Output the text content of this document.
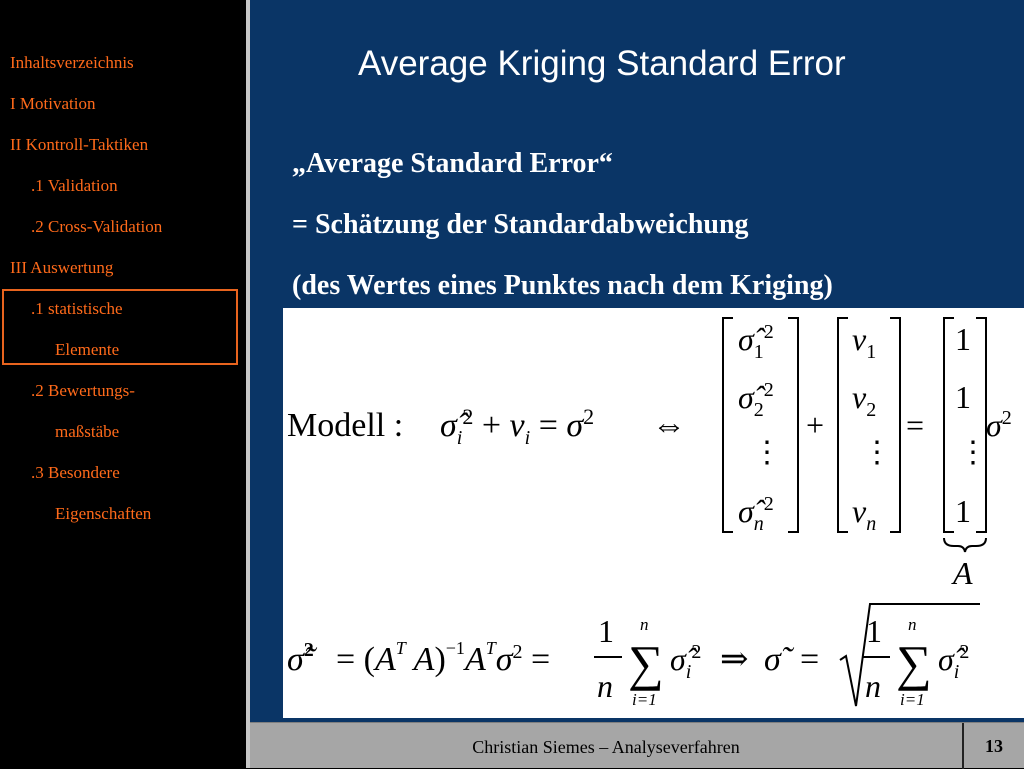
Inhaltsverzeichnis
I Motivation
II Kontroll-Taktiken
.1 Validation
.2 Cross-Validation
III Auswertung
.1 statistische
Elemente
.2 Bewertungs-
maßstäbe
.3 Besondere
Eigenschaften
Average Kriging Standard Error
„Average Standard Error“
= Schätzung der Standardabweichung
(des Wertes eines Punktes nach dem Kriging)
Modell : $\sigmâ_i^2 + v_i = \sigma^2$ ⇔
$\sigmâ_1^2$
$\sigmâ_2^2$
⋮
$\sigmâ_n^2$
+
$v_1$
$v_2$
⋮
$v_n$
=
1
1
⋮
1
$\sigma^2$
A
σ̃$^2$ = ($A^T$ $A)^{-1}A^T\sigma^2$ =
1
n
n
∑
i=1
$\sigmâ_i^2$ ⇒ σ̃ =
1
n
n
∑
i=1
$\sigmâ_i^2$
Christian Siemes – Analyseverfahren	13
